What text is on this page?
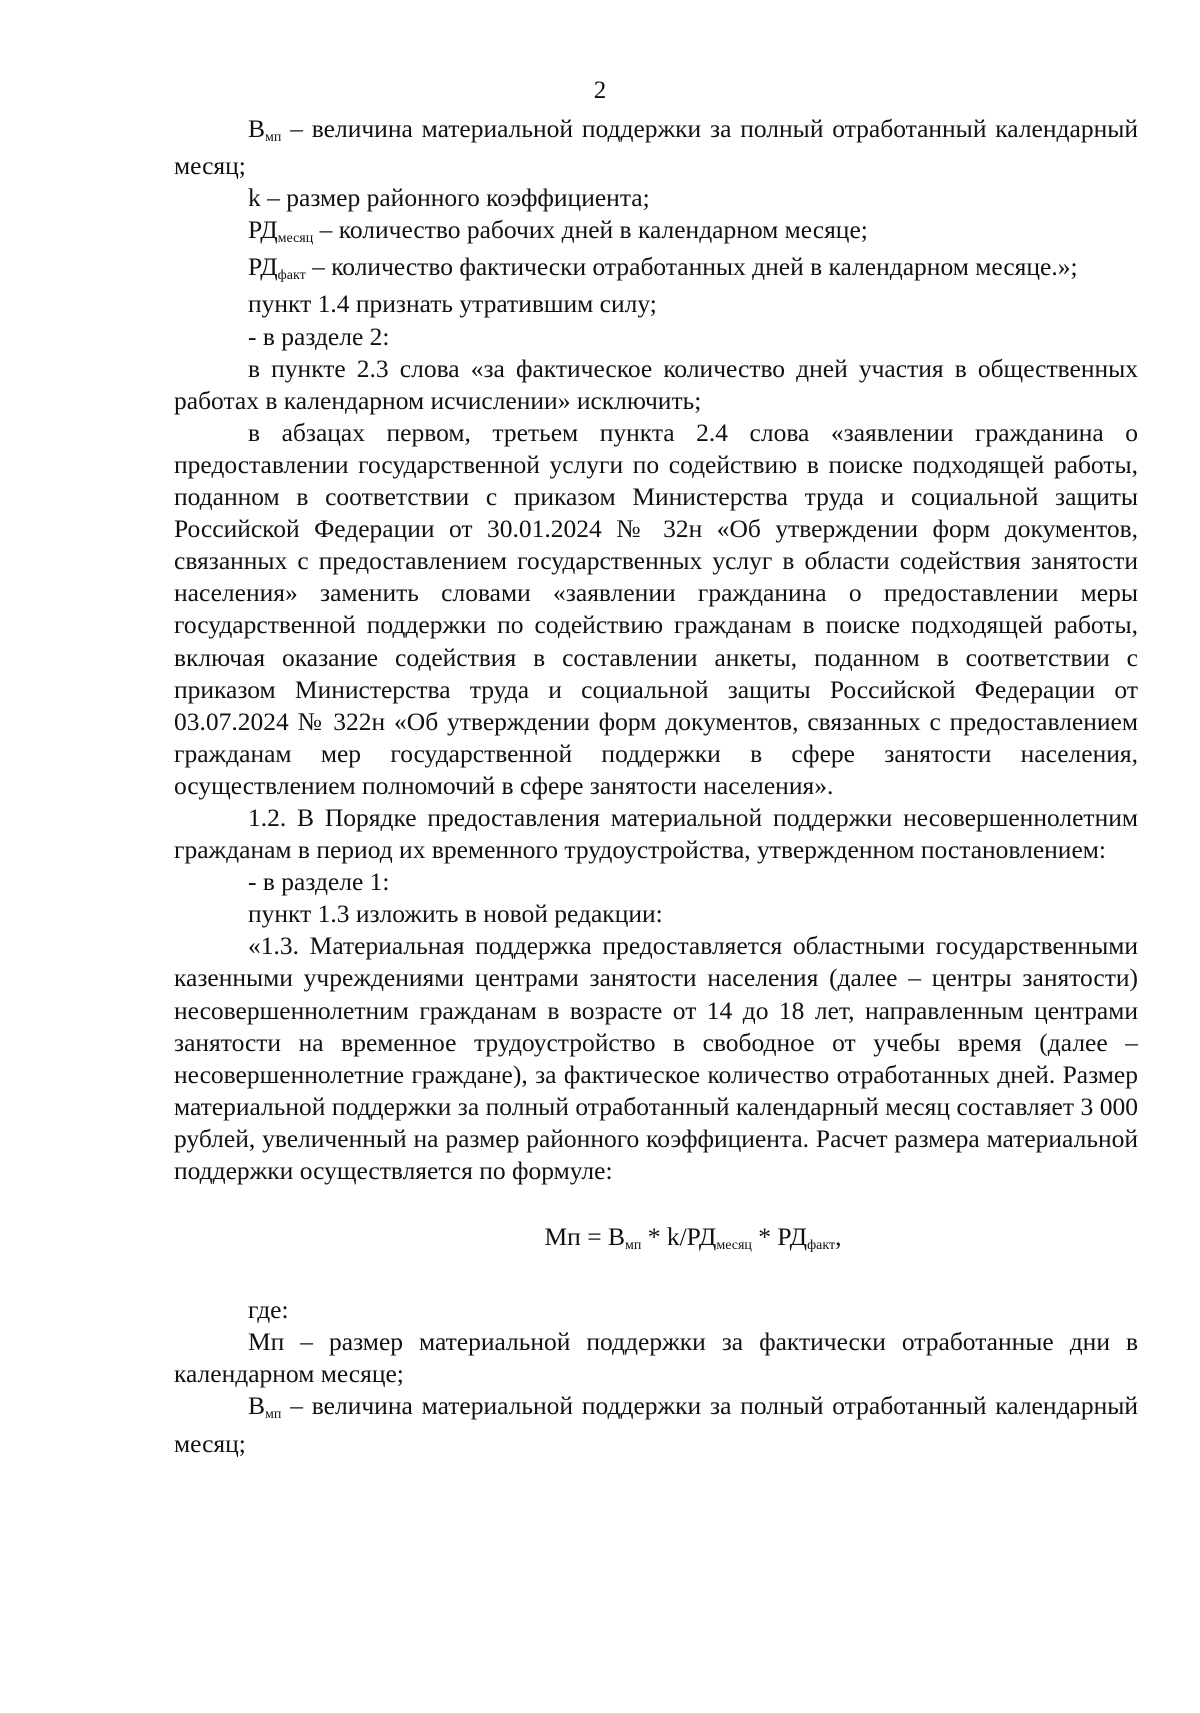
2

Вмп – величина материальной поддержки за полный отработанный календарный месяц;

k – размер районного коэффициента;

РДмесяц – количество рабочих дней в календарном месяце;

РДфакт – количество фактически отработанных дней в календарном месяце.»;

пункт 1.4 признать утратившим силу;

- в разделе 2:

в пункте 2.3 слова «за фактическое количество дней участия в общественных работах в календарном исчислении» исключить;

в абзацах первом, третьем пункта 2.4 слова «заявлении гражданина о предоставлении государственной услуги по содействию в поиске подходящей работы, поданном в соответствии с приказом Министерства труда и социальной защиты Российской Федерации от 30.01.2024 № 32н «Об утверждении форм документов, связанных с предоставлением государственных услуг в области содействия занятости населения» заменить словами «заявлении гражданина о предоставлении меры государственной поддержки по содействию гражданам в поиске подходящей работы, включая оказание содействия в составлении анкеты, поданном в соответствии с приказом Министерства труда и социальной защиты Российской Федерации от 03.07.2024 № 322н «Об утверждении форм документов, связанных с предоставлением гражданам мер государственной поддержки в сфере занятости населения, осуществлением полномочий в сфере занятости населения».

1.2. В Порядке предоставления материальной поддержки несовершеннолетним гражданам в период их временного трудоустройства, утвержденном постановлением:

- в разделе 1:

пункт 1.3 изложить в новой редакции:

«1.3. Материальная поддержка предоставляется областными государственными казенными учреждениями центрами занятости населения (далее – центры занятости) несовершеннолетним гражданам в возрасте от 14 до 18 лет, направленным центрами занятости на временное трудоустройство в свободное от учебы время (далее – несовершеннолетние граждане), за фактическое количество отработанных дней. Размер материальной поддержки за полный отработанный календарный месяц составляет 3 000 рублей, увеличенный на размер районного коэффициента. Расчет размера материальной поддержки осуществляется по формуле:

Мп = Вмп * k/РДмесяц * РДфакт,

где:

Мп – размер материальной поддержки за фактически отработанные дни в календарном месяце;

Вмп – величина материальной поддержки за полный отработанный календарный месяц;
